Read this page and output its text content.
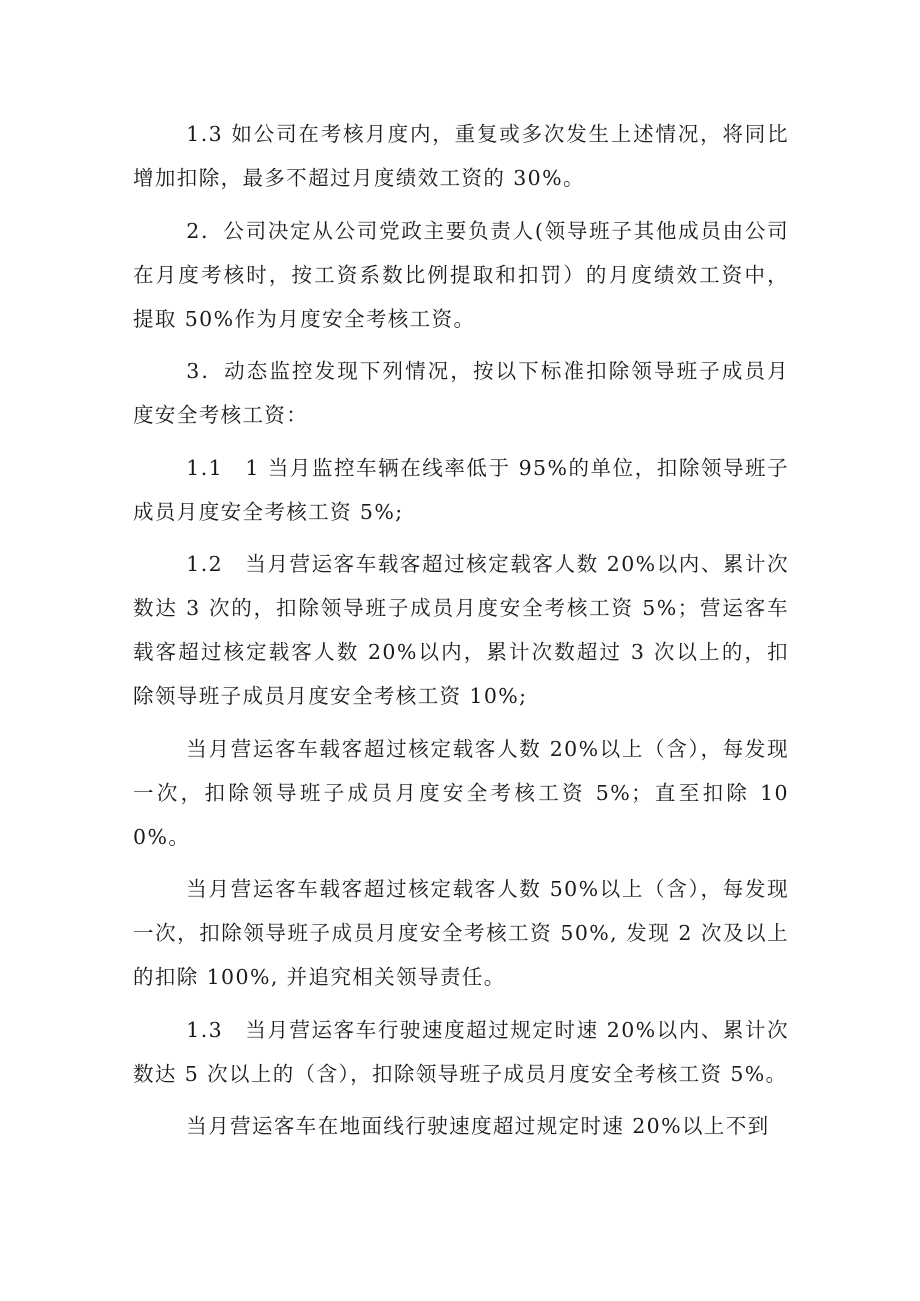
1.3 如公司在考核月度内，重复或多次发生上述情况，将同比增加扣除，最多不超过月度绩效工资的 30%。

2．公司决定从公司党政主要负责人(领导班子其他成员由公司在月度考核时，按工资系数比例提取和扣罚）的月度绩效工资中，提取 50%作为月度安全考核工资。

3．动态监控发现下列情况，按以下标准扣除领导班子成员月度安全考核工资：

1.1　1 当月监控车辆在线率低于 95%的单位，扣除领导班子成员月度安全考核工资 5%;

1.2　当月营运客车载客超过核定载客人数 20%以内、累计次数达 3 次的，扣除领导班子成员月度安全考核工资 5%；营运客车载客超过核定载客人数 20%以内，累计次数超过 3 次以上的，扣除领导班子成员月度安全考核工资 10%;

当月营运客车载客超过核定载客人数 20%以上（含），每发现一次，扣除领导班子成员月度安全考核工资 5%；直至扣除 100%。

当月营运客车载客超过核定载客人数 50%以上（含），每发现一次，扣除领导班子成员月度安全考核工资 50%, 发现 2 次及以上的扣除 100%, 并追究相关领导责任。

1.3　当月营运客车行驶速度超过规定时速 20%以内、累计次数达 5 次以上的（含），扣除领导班子成员月度安全考核工资 5%。

当月营运客车在地面线行驶速度超过规定时速 20%以上不到
